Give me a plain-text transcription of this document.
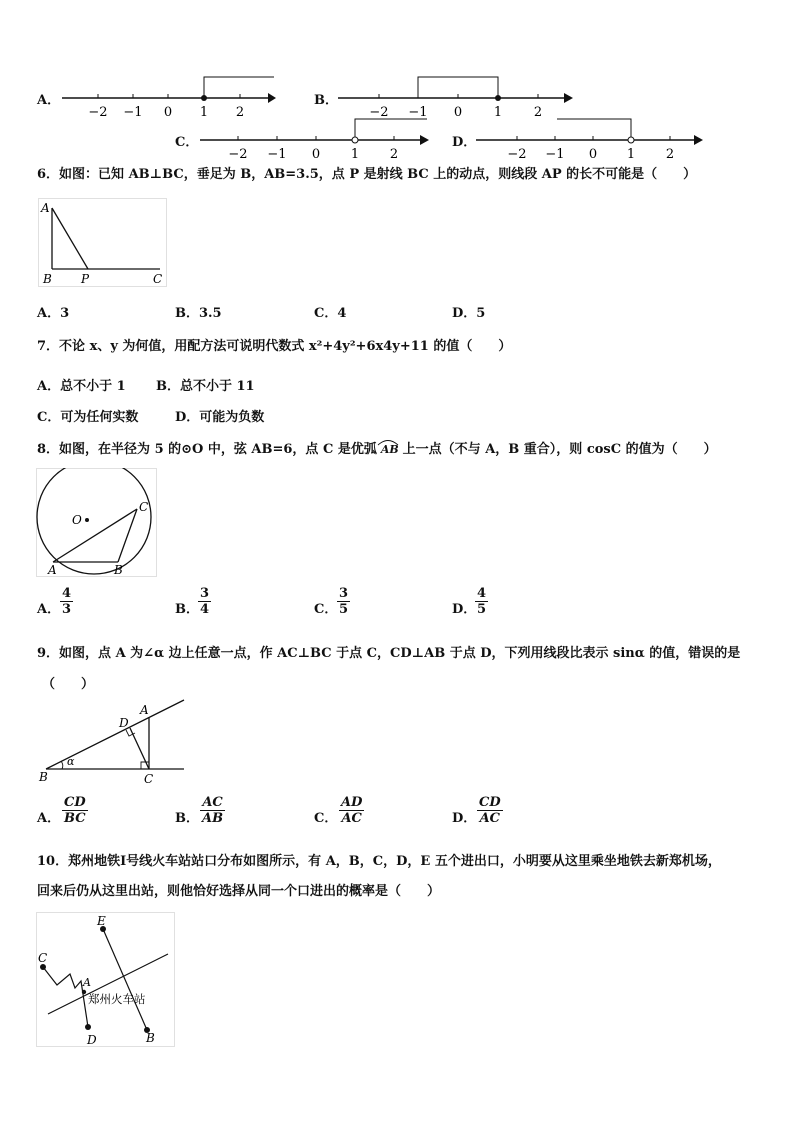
A．
−2 −1 0 1 2
B．
−2 −1 0 1 2
C．
−2 −1 0 1 2
D．
−2 −1 0 1 2
6．如图：已知 AB⊥BC，垂足为 B，AB=3.5，点 P 是射线 BC 上的动点，则线段 AP 的长不可能是（　　）
A
B P	C
A．3	B．3.5	C．4	D．5
7．不论 x、y 为何值，用配方法可说明代数式 x²+4y²+6x4y+11 的值（　　）
A．总不小于 1 B．总不小于 11
C．可为任何实数	D．可能为负数
8．如图，在半径为 5 的⊙O 中，弦 AB=6，点 C 是优弧 AB 上一点（不与 A，B 重合），则 cosC 的值为（　　）
O
A	B
C
A． $\frac{4}{3}$	B． $\frac{3}{4}$	C． $\frac{3}{5}$	D．
$\frac{4}{5}$
9．如图，点 A 为∠α 边上任意一点，作 AC⊥BC 于点 C，CD⊥AB 于点 D，下列用线段比表示 sinα 的值，错误的是
（　　）
A
B	C
D
α
A． $\frac{CD}{BC}$	B． $\frac{AC}{AB}$	C． $\frac{AD}{AC}$	D． $\frac{CD}{AC}$
10．郑州地铁Ⅰ号线火车站站口分布如图所示，有 A，B，C，D，E 五个进出口，小明要从这里乘坐地铁去新郑机场，
回来后仍从这里出站，则他恰好选择从同一个口进出的概率是（　　）
C
E
A
B
D
郑州火车站
